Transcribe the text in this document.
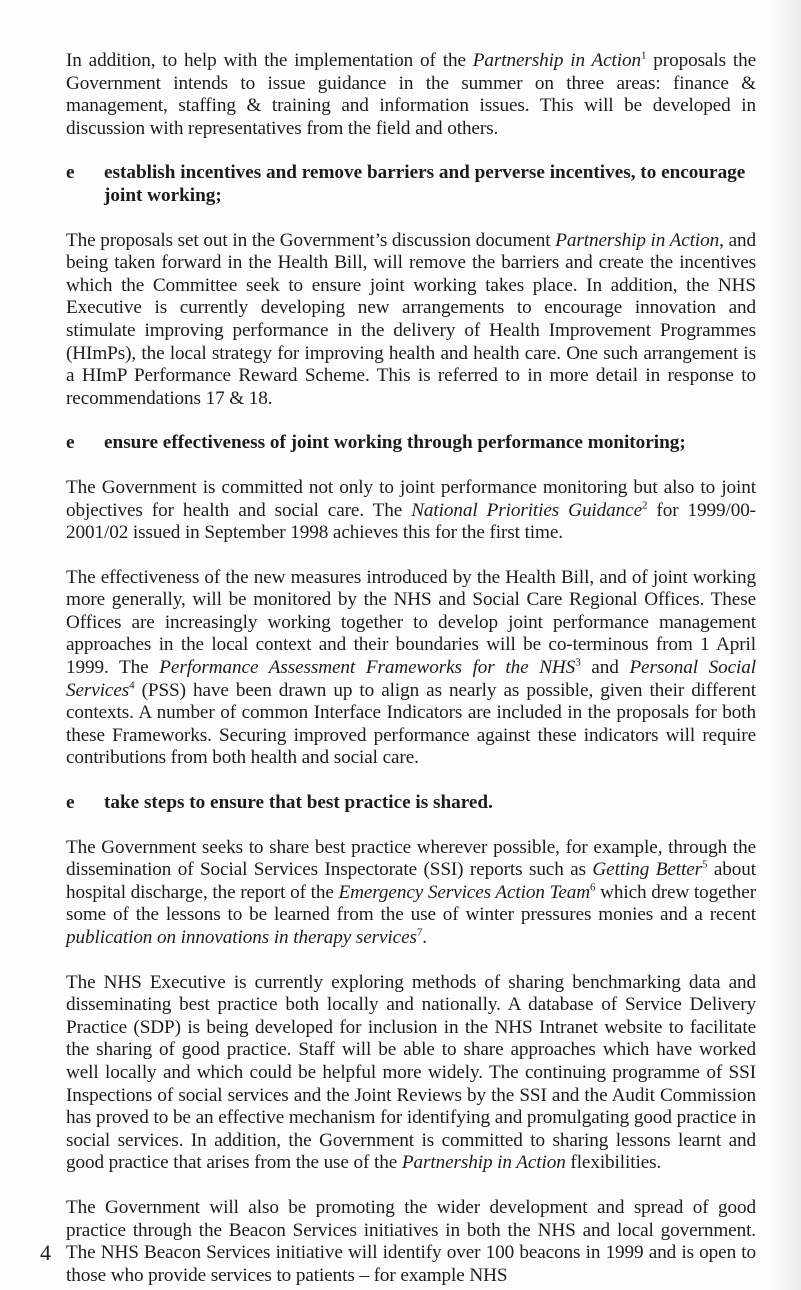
In addition, to help with the implementation of the Partnership in Action$^1$ proposals the Government intends to issue guidance in the summer on three areas: finance & management, staffing & training and information issues. This will be developed in discussion with representatives from the field and others.

e	establish incentives and remove barriers and perverse incentives, to encourage joint working;

The proposals set out in the Government’s discussion document Partnership in Action, and being taken forward in the Health Bill, will remove the barriers and create the incentives which the Committee seek to ensure joint working takes place. In addition, the NHS Executive is currently developing new arrangements to encourage innovation and stimulate improving performance in the delivery of Health Improvement Programmes (HImPs), the local strategy for improving health and health care. One such arrangement is a HImP Performance Reward Scheme. This is referred to in more detail in response to recommendations 17 & 18.

e	ensure effectiveness of joint working through performance monitoring;

The Government is committed not only to joint performance monitoring but also to joint objectives for health and social care. The National Priorities Guidance$^2$ for 1999/00-2001/02 issued in September 1998 achieves this for the first time.

The effectiveness of the new measures introduced by the Health Bill, and of joint working more generally, will be monitored by the NHS and Social Care Regional Offices. These Offices are increasingly working together to develop joint performance management approaches in the local context and their boundaries will be co-terminous from 1 April 1999. The Performance Assessment Frameworks for the NHS$^3$ and Personal Social Services$^4$ (PSS) have been drawn up to align as nearly as possible, given their different contexts. A number of common Interface Indicators are included in the proposals for both these Frameworks. Securing improved performance against these indicators will require contributions from both health and social care.

e	take steps to ensure that best practice is shared.

The Government seeks to share best practice wherever possible, for example, through the dissemination of Social Services Inspectorate (SSI) reports such as Getting Better$^5$ about hospital discharge, the report of the Emergency Services Action Team$^6$ which drew together some of the lessons to be learned from the use of winter pressures monies and a recent publication on innovations in therapy services$^7$.

The NHS Executive is currently exploring methods of sharing benchmarking data and disseminating best practice both locally and nationally. A database of Service Delivery Practice (SDP) is being developed for inclusion in the NHS Intranet website to facilitate the sharing of good practice. Staff will be able to share approaches which have worked well locally and which could be helpful more widely. The continuing programme of SSI Inspections of social services and the Joint Reviews by the SSI and the Audit Commission has proved to be an effective mechanism for identifying and promulgating good practice in social services. In addition, the Government is committed to sharing lessons learnt and good practice that arises from the use of the Partnership in Action flexibilities.

The Government will also be promoting the wider development and spread of good practice through the Beacon Services initiatives in both the NHS and local government. The NHS Beacon Services initiative will identify over 100 beacons in 1999 and is open to those who provide services to patients – for example NHS

4
